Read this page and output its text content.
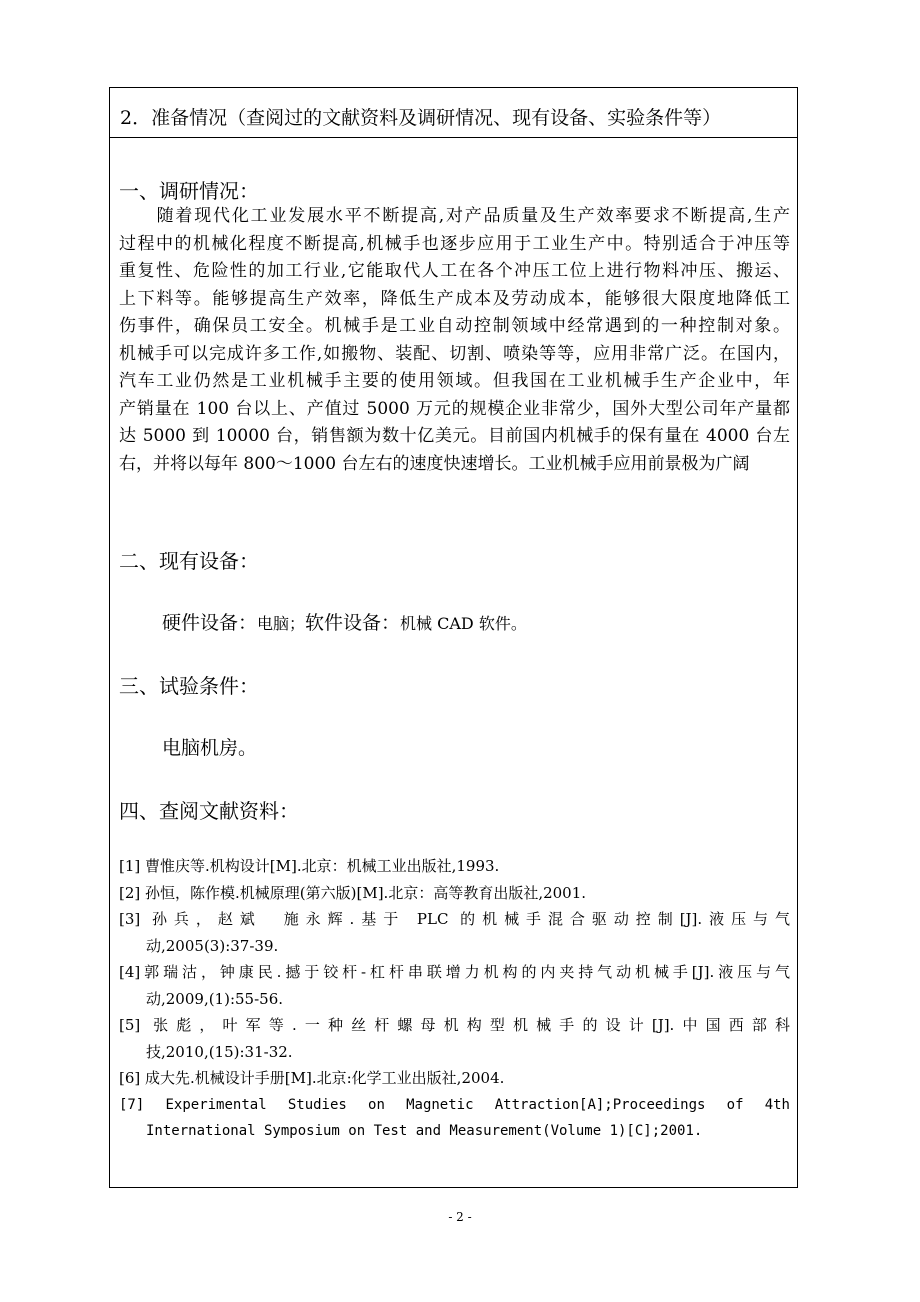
2．准备情况（查阅过的文献资料及调研情况、现有设备、实验条件等）
一、调研情况：
　　随着现代化工业发展水平不断提高,对产品质量及生产效率要求不断提高,生产
过程中的机械化程度不断提高,机械手也逐步应用于工业生产中。特别适合于冲压等
重复性、危险性的加工行业,它能取代人工在各个冲压工位上进行物料冲压、搬运、
上下料等。能够提高生产效率，降低生产成本及劳动成本，能够很大限度地降低工
伤事件，确保员工安全。机械手是工业自动控制领域中经常遇到的一种控制对象。
机械手可以完成许多工作,如搬物、装配、切割、喷染等等，应用非常广泛。在国内，
汽车工业仍然是工业机械手主要的使用领域。但我国在工业机械手生产企业中，年
产销量在 100 台以上、产值过 5000 万元的规模企业非常少，国外大型公司年产量都
达 5000 到 10000 台，销售额为数十亿美元。目前国内机械手的保有量在 4000 台左
右，并将以每年 800～1000 台左右的速度快速增长。工业机械手应用前景极为广阔
二、现有设备：
硬件设备：电脑；软件设备：机械 CAD 软件。
三、试验条件：
电脑机房。
四、查阅文献资料：
[1] 曹惟庆等.机构设计[M].北京：机械工业出版社,1993.
[2] 孙恒，陈作模.机械原理(第六版)[M].北京：高等教育出版社,2001.
[3] 孙兵，赵斌　施永辉.基于 PLC 的机械手混合驱动控制[J].液压与气
动,2005(3):37-39.
[4]郭瑞沽，钟康民.撼于铰杆-杠杆串联增力机构的内夹持气动机械手[J].液压与气
动,2009,(1):55-56.
[5] 张彪，叶军等.一种丝杆螺母机构型机械手的设计[J].中国西部科
技,2010,(15):31-32.
[6] 成大先.机械设计手册[M].北京:化学工业出版社,2004.
[7] Experimental Studies on Magnetic Attraction[A];Proceedings of 4th
International Symposium on Test and Measurement(Volume 1)[C];2001.
- 2 -
